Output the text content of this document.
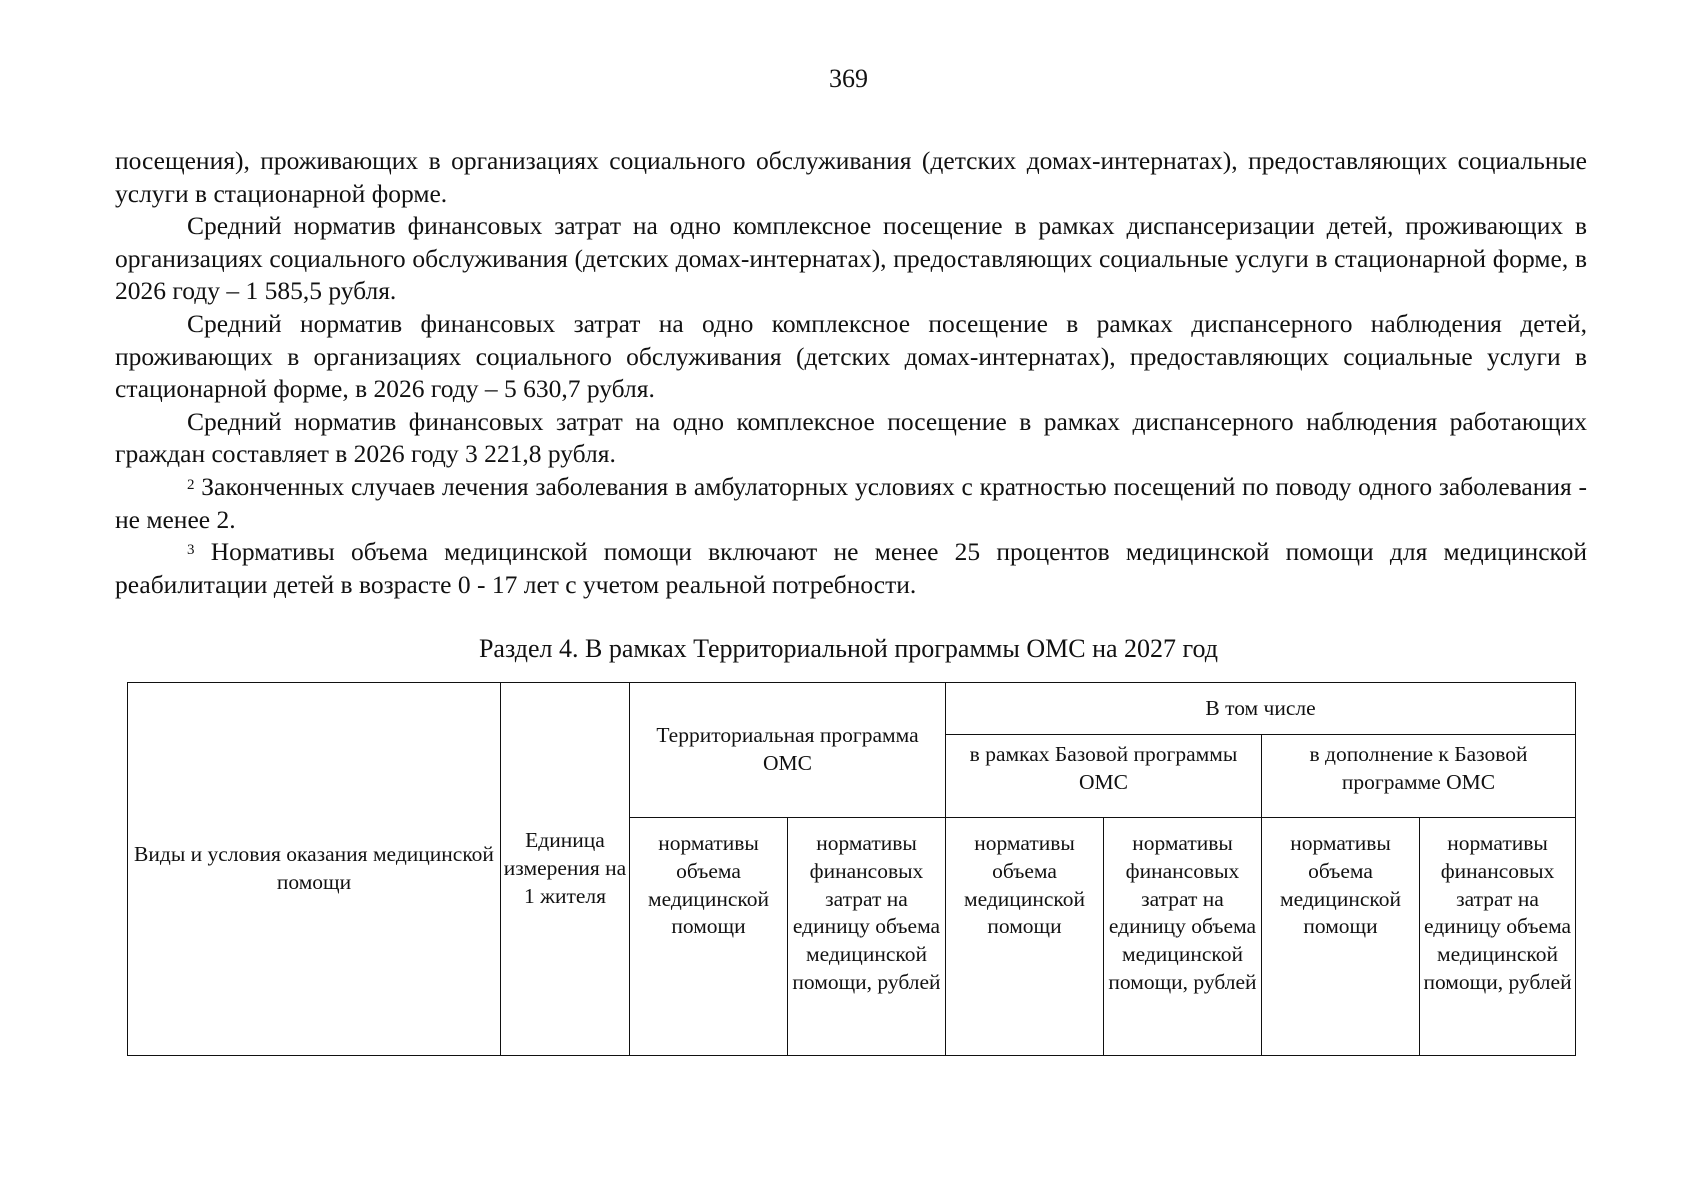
369

посещения), проживающих в организациях социального обслуживания (детских домах-интернатах), предоставляющих социальные услуги в стационарной форме.

Средний норматив финансовых затрат на одно комплексное посещение в рамках диспансеризации детей, проживающих в организациях социального обслуживания (детских домах-интернатах), предоставляющих социальные услуги в стационарной форме, в 2026 году – 1 585,5 рубля.

Средний норматив финансовых затрат на одно комплексное посещение в рамках диспансерного наблюдения детей, проживающих в организациях социального обслуживания (детских домах-интернатах), предоставляющих социальные услуги в стационарной форме, в 2026 году – 5 630,7 рубля.

Средний норматив финансовых затрат на одно комплексное посещение в рамках диспансерного наблюдения работающих граждан составляет в 2026 году 3 221,8 рубля.

$^2$ Законченных случаев лечения заболевания в амбулаторных условиях с кратностью посещений по поводу одного заболевания - не менее 2.

$^3$ Нормативы объема медицинской помощи включают не менее 25 процентов медицинской помощи для медицинской реабилитации детей в возрасте 0 - 17 лет с учетом реальной потребности.

Раздел 4. В рамках Территориальной программы ОМС на 2027 год
Виды и условия оказания медицинской помощи	Единица измерения на 1 жителя	Территориальная программа ОМС		В том числе			
				в рамках Базовой программы ОМС		в дополнение к Базовой программе ОМС	
		нормативы объема медицинской помощи	нормативы финансовых затрат на единицу объема медицинской помощи, рублей	нормативы объема медицинской помощи	нормативы финансовых затрат на единицу объема медицинской помощи, рублей	нормативы объема медицинской помощи	нормативы финансовых затрат на единицу объема медицинской помощи, рублей
